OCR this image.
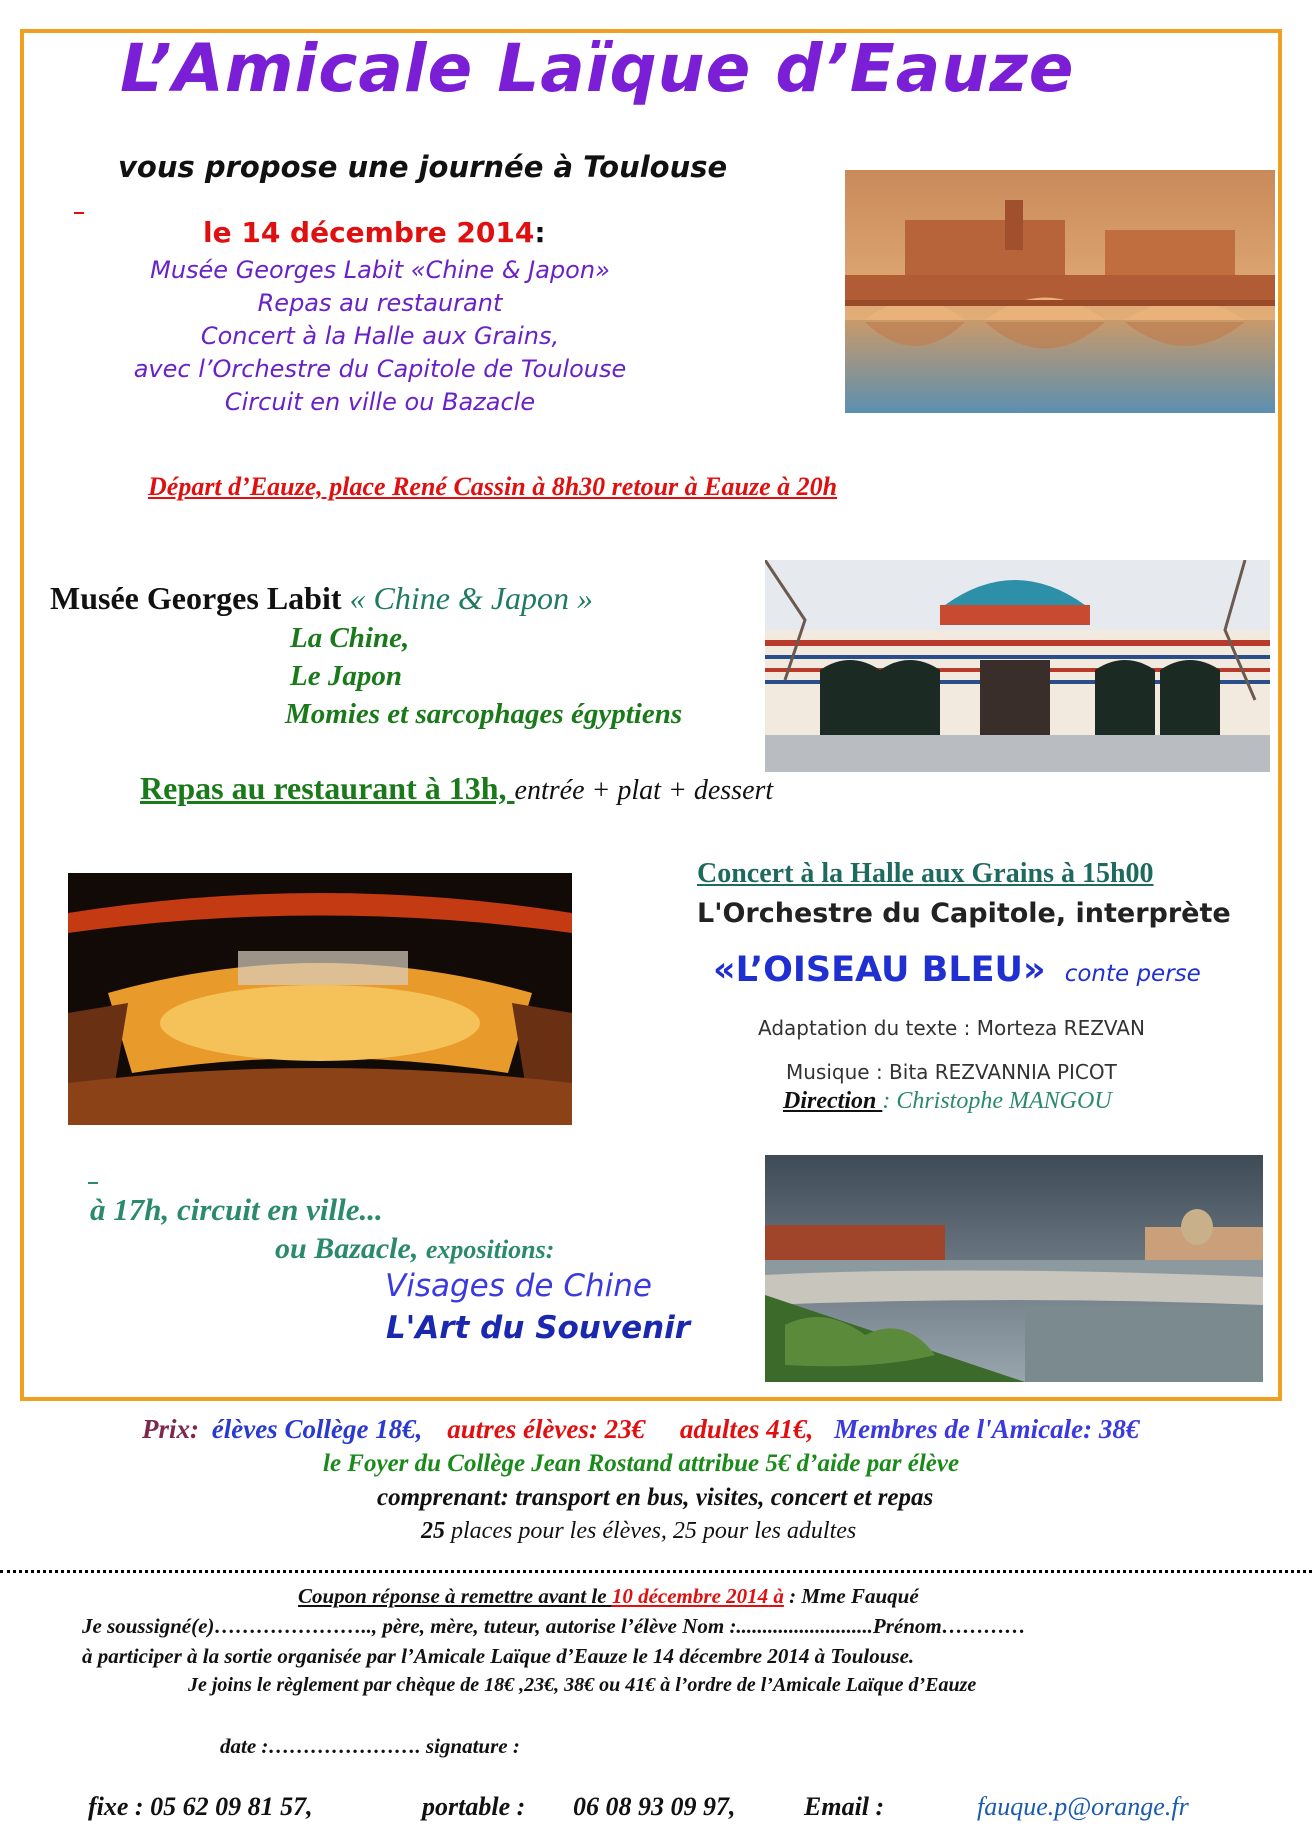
L’Amicale Laïque d’Eauze
vous propose une journée à Toulouse
le 14 décembre 2014:
Musée Georges Labit «Chine & Japon»
Repas au restaurant
Concert à la Halle aux Grains,
avec l’Orchestre du Capitole de Toulouse
Circuit en ville ou Bazacle
Départ d’Eauze, place René Cassin à 8h30 retour à Eauze à 20h
Musée Georges Labit « Chine & Japon »
La Chine,
Le Japon
Momies et sarcophages égyptiens
Repas au restaurant à 13h, entrée + plat + dessert
Concert à la Halle aux Grains à 15h00
L'Orchestre du Capitole, interprète
«L’OISEAU BLEU» conte perse
Adaptation du texte : Morteza REZVAN
Musique : Bita REZVANNIA PICOT
Direction : Christophe MANGOU
à 17h, circuit en ville...
ou Bazacle, expositions:
Visages de Chine
L'Art du Souvenir
Prix: élèves Collège 18€, autres élèves: 23€ adultes 41€, Membres de l'Amicale: 38€
le Foyer du Collège Jean Rostand attribue 5€ d’aide par élève
comprenant: transport en bus, visites, concert et repas
25 places pour les élèves, 25 pour les adultes
Coupon réponse à remettre avant le 10 décembre 2014 à : Mme Fauqué
Je soussigné(e)………………….., père, mère, tuteur, autorise l’élève Nom :..........................Prénom…………
à participer à la sortie organisée par l’Amicale Laïque d’Eauze le 14 décembre 2014 à Toulouse.
Je joins le règlement par chèque de 18€ ,23€, 38€ ou 41€ à l’ordre de l’Amicale Laïque d’Eauze
date :…………………. signature :
fixe : 05 62 09 81 57,	portable : 06 08 93 09 97,	Email :	fauque.p@orange.fr
